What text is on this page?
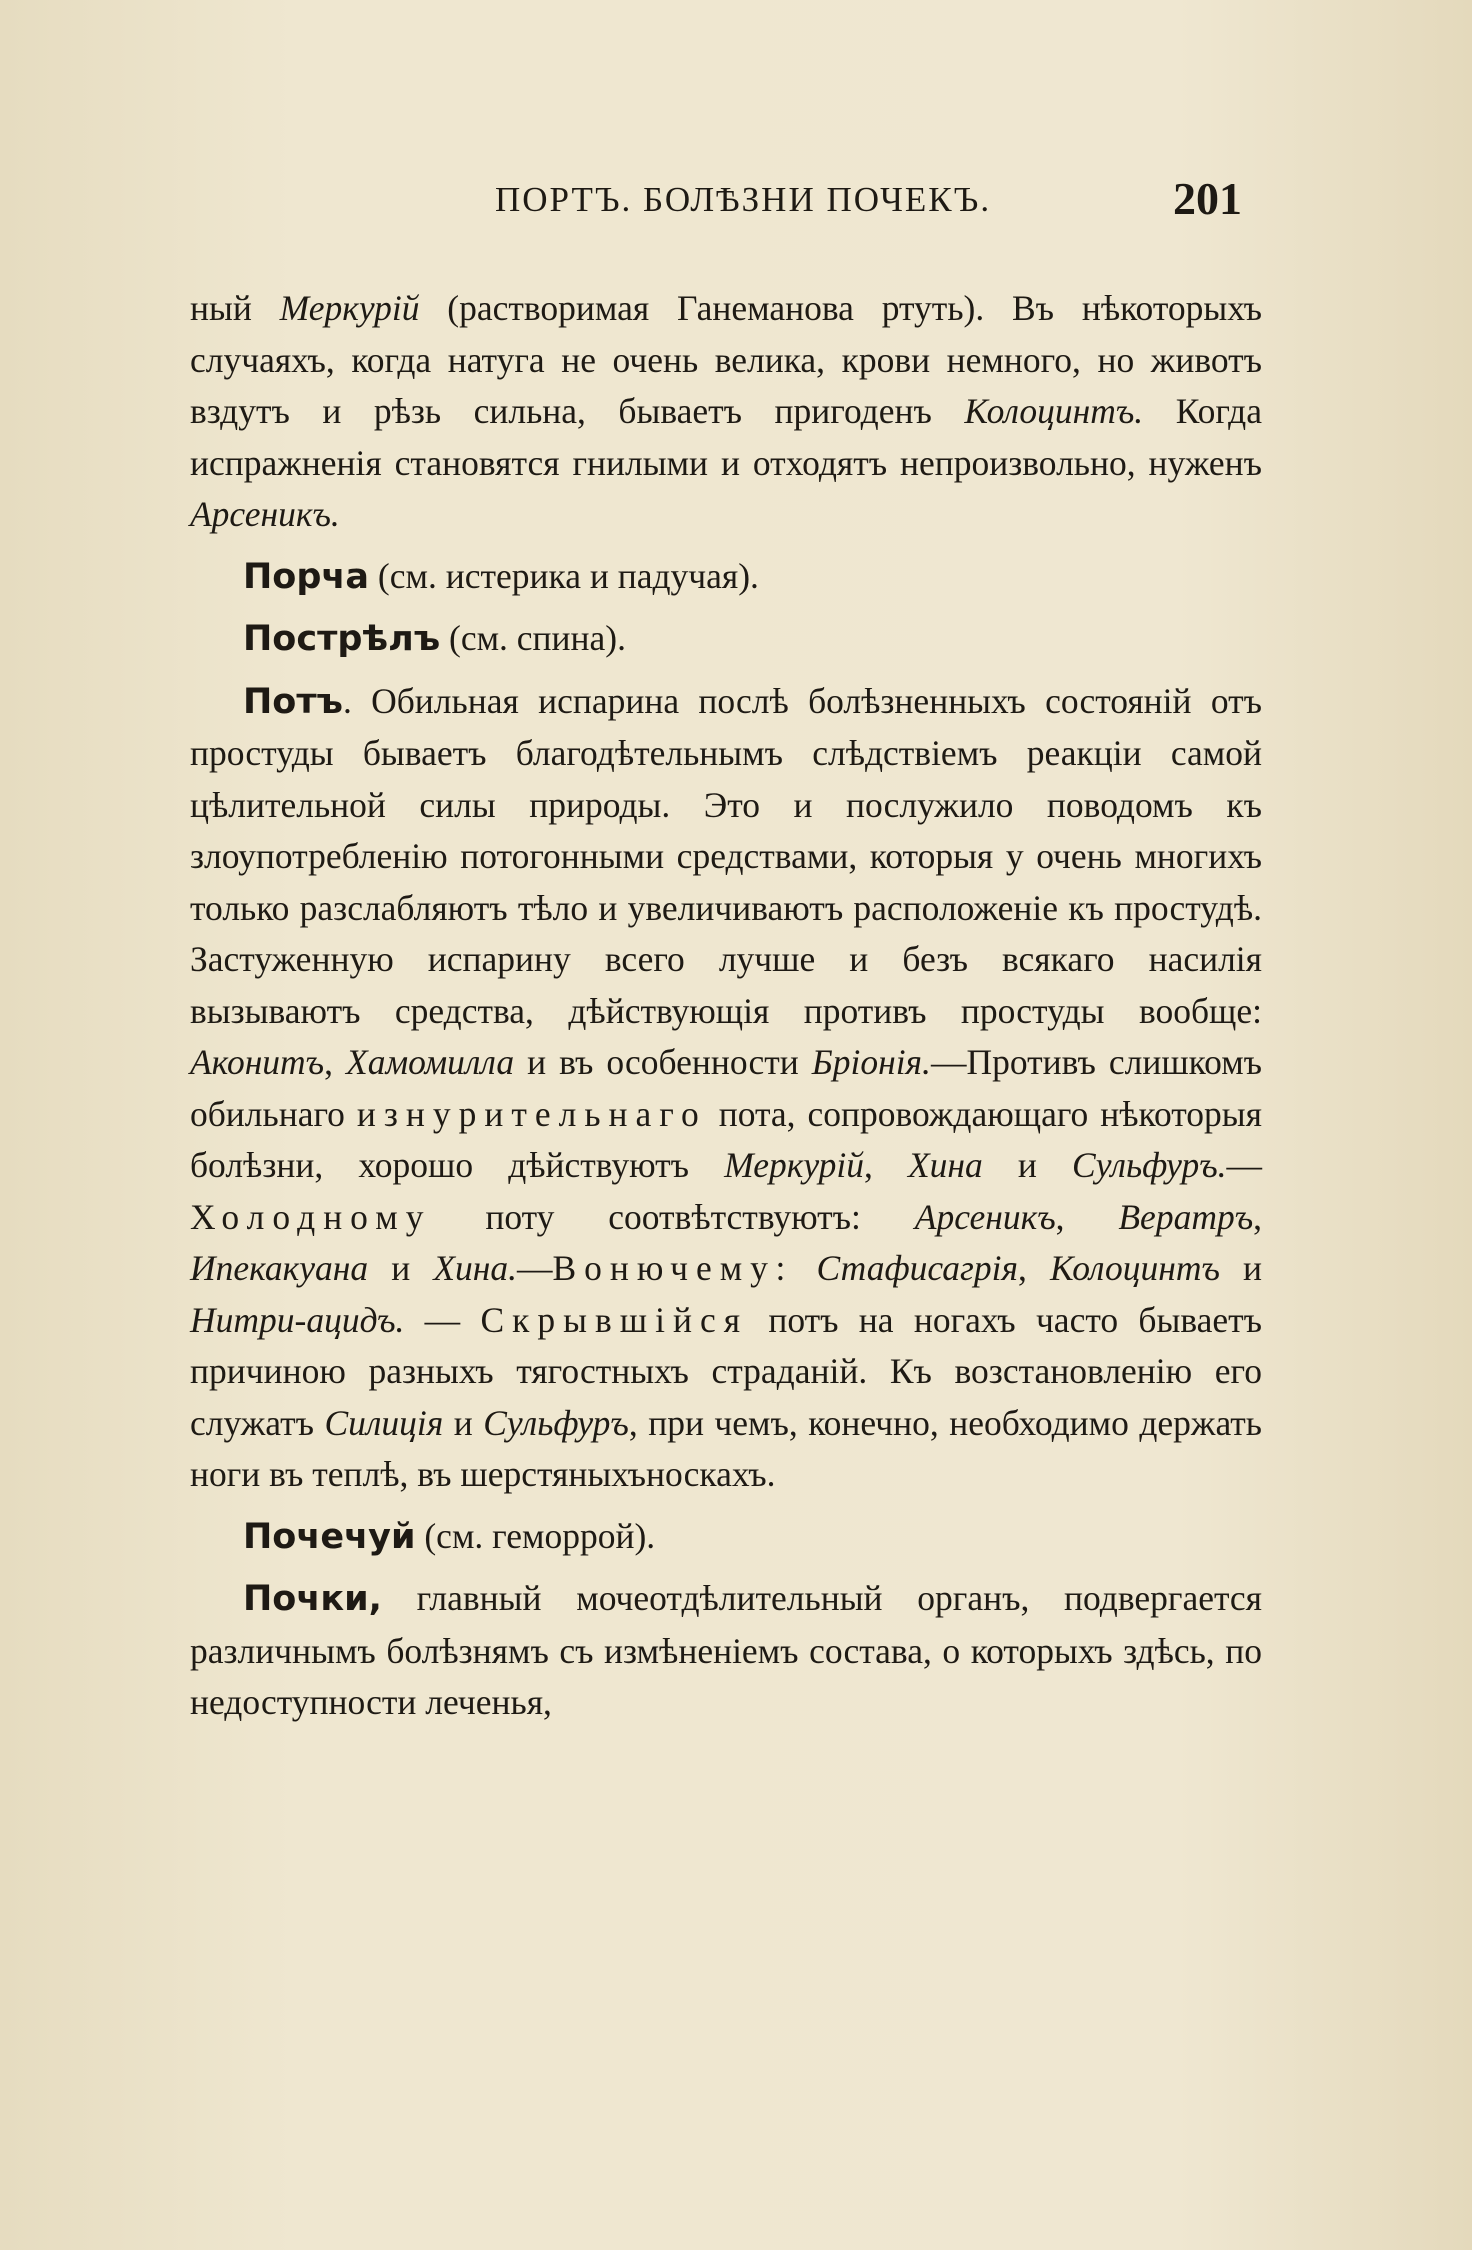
ПОРТЪ. БОЛѢЗНИ ПОЧЕКЪ.	201

ный Меркурій (растворимая Ганеманова ртуть). Въ нѣкоторыхъ случаяхъ, когда натуга не очень велика, крови немного, но животъ вздутъ и рѣзь сильна, бываетъ пригоденъ Колоцинтъ. Когда испражненія становятся гнилыми и отходятъ непроизвольно, нуженъ Арсеникъ.

Порча (см. истерика и падучая).

Пострѣлъ (см. спина).

Потъ. Обильная испарина послѣ болѣзненныхъ состояній отъ простуды бываетъ благодѣтельнымъ слѣдствіемъ реакціи самой цѣлительной силы природы. Это и послужило поводомъ къ злоупотребленію потогонными средствами, которыя у очень многихъ только разслабляютъ тѣло и увеличиваютъ расположеніе къ простудѣ. Застуженную испарину всего лучше и безъ всякаго насилія вызываютъ средства, дѣйствующія противъ простуды вообще: Аконитъ, Хамомилла и въ особенности Бріонія.—Противъ слишкомъ обильнаго изнурительнаго пота, сопровождающаго нѣкоторыя болѣзни, хорошо дѣйствуютъ Меркурій, Хина и Сульфуръ.—Холодному поту соотвѣтствуютъ: Арсеникъ, Вератръ, Ипекакуана и Хина.—Вонючему: Стафисагрія, Колоцинтъ и Нитри-ацидъ. — Скрывшійся потъ на ногахъ часто бываетъ причиною разныхъ тягостныхъ страданій. Къ возстановленію его служатъ Силиція и Сульфуръ, при чемъ, конечно, необходимо держать ноги въ теплѣ, въ шерстяныхъноскахъ.

Почечуй (см. геморрой).

Почки, главный мочеотдѣлительный органъ, подвергается различнымъ болѣзнямъ съ измѣненіемъ состава, о которыхъ здѣсь, по недоступности леченья,
